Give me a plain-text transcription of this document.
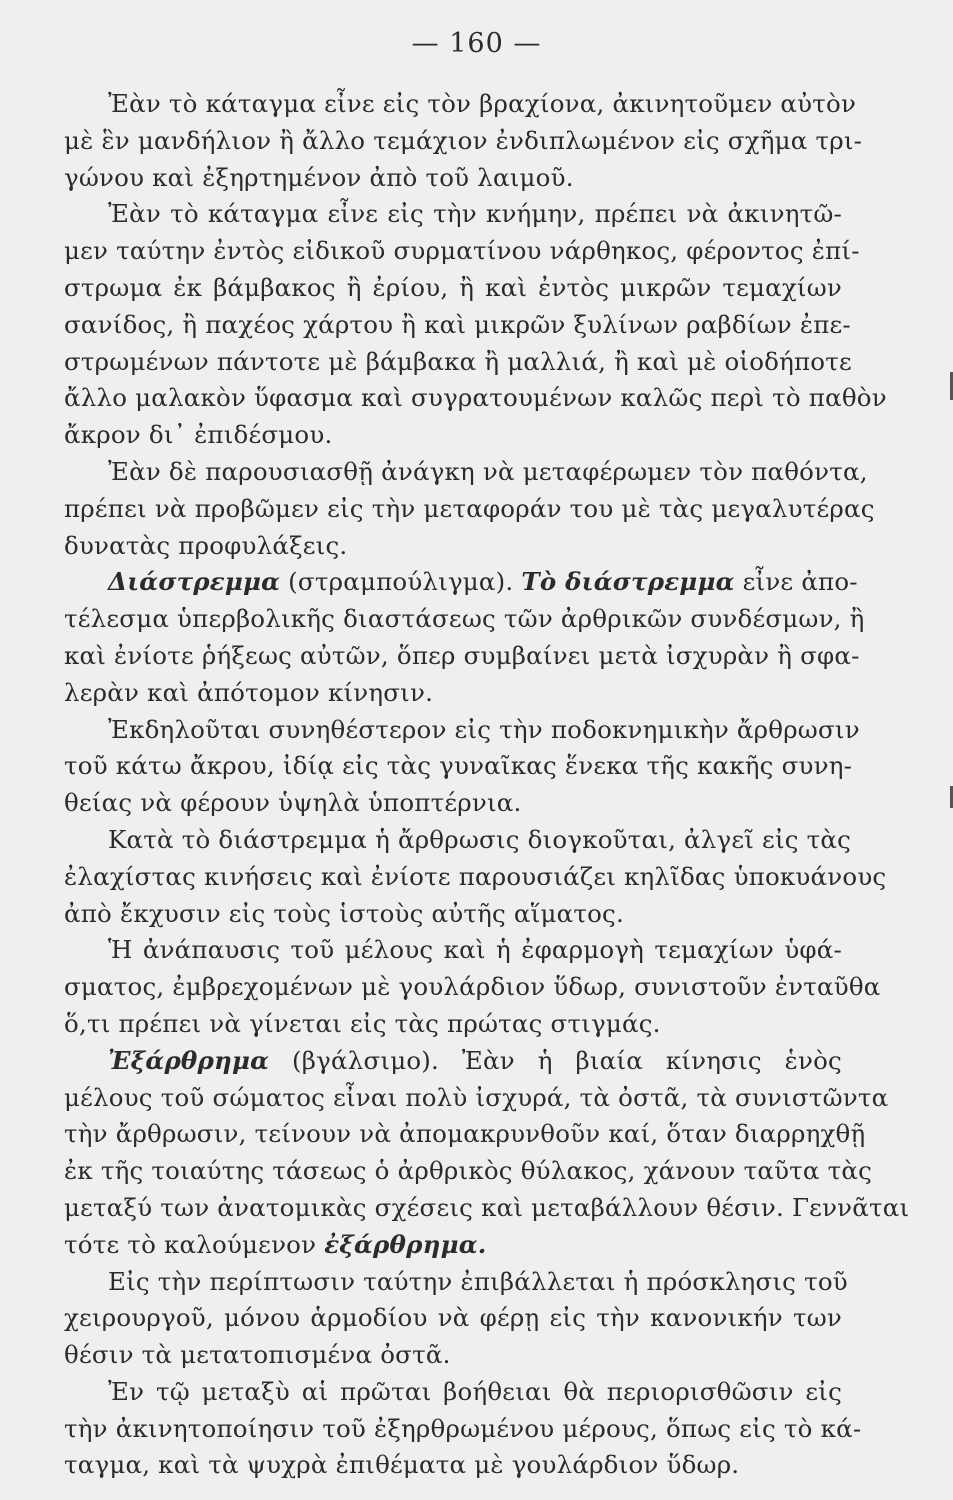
— 160 —
Ἐὰν τὸ κάταγμα εἶνε εἰς τὸν βραχίονα, ἀκινητοῦμεν αὐτὸν
μὲ ἓν μανδήλιον ἢ ἄλλο τεμάχιον ἐνδιπλωμένον εἰς σχῆμα τρι-
γώνου καὶ ἐξηρτημένον ἀπὸ τοῦ λαιμοῦ.
Ἐὰν τὸ κάταγμα εἶνε εἰς τὴν κνήμην, πρέπει νὰ ἀκινητῶ-
μεν ταύτην ἐντὸς εἰδικοῦ συρματίνου νάρθηκος, φέροντος ἐπί-
στρωμα ἐκ βάμβακος ἢ ἐρίου, ἢ καὶ ἐντὸς μικρῶν τεμαχίων
σανίδος, ἢ παχέος χάρτου ἢ καὶ μικρῶν ξυλίνων ραβδίων ἐπε-
στρωμένων πάντοτε μὲ βάμβακα ἢ μαλλιά, ἢ καὶ μὲ οἱοδήποτε
ἄλλο μαλακὸν ὕφασμα καὶ συγρατουμένων καλῶς περὶ τὸ παθὸν
ἄκρον δι᾽ ἐπιδέσμου.
Ἐὰν δὲ παρουσιασθῇ ἀνάγκη νὰ μεταφέρωμεν τὸν παθόντα,
πρέπει νὰ προβῶμεν εἰς τὴν μεταφοράν του μὲ τὰς μεγαλυτέρας
δυνατὰς προφυλάξεις.
Διάστρεμμα (στραμπούλιγμα). Τὸ διάστρεμμα εἶνε ἀπο-
τέλεσμα ὑπερβολικῆς διαστάσεως τῶν ἀρθρικῶν συνδέσμων, ἢ
καὶ ἐνίοτε ῥήξεως αὐτῶν, ὅπερ συμβαίνει μετὰ ἰσχυρὰν ἢ σφα-
λερὰν καὶ ἀπότομον κίνησιν.
Ἐκδηλοῦται συνηθέστερον εἰς τὴν ποδοκνημικὴν ἄρθρωσιν
τοῦ κάτω ἄκρου, ἰδίᾳ εἰς τὰς γυναῖκας ἕνεκα τῆς κακῆς συνη-
θείας νὰ φέρουν ὑψηλὰ ὑποπτέρνια.
Κατὰ τὸ διάστρεμμα ἡ ἄρθρωσις διογκοῦται, ἀλγεῖ εἰς τὰς
ἐλαχίστας κινήσεις καὶ ἐνίοτε παρουσιάζει κηλῖδας ὑποκυάνους
ἀπὸ ἔκχυσιν εἰς τοὺς ἱστοὺς αὐτῆς αἵματος.
Ἡ ἀνάπαυσις τοῦ μέλους καὶ ἡ ἐφαρμογὴ τεμαχίων ὑφά-
σματος, ἐμβρεχομένων μὲ γουλάρδιον ὕδωρ, συνιστοῦν ἐνταῦθα
ὅ,τι πρέπει νὰ γίνεται εἰς τὰς πρώτας στιγμάς.
Ἐξάρθρημα (βγάλσιμο). Ἐὰν ἡ βιαία κίνησις ἑνὸς
μέλους τοῦ σώματος εἶναι πολὺ ἰσχυρά, τὰ ὀστᾶ, τὰ συνιστῶντα
τὴν ἄρθρωσιν, τείνουν νὰ ἀπομακρυνθοῦν καί, ὅταν διαρρηχθῇ
ἐκ τῆς τοιαύτης τάσεως ὁ ἀρθρικὸς θύλακος, χάνουν ταῦτα τὰς
μεταξύ των ἀνατομικὰς σχέσεις καὶ μεταβάλλουν θέσιν. Γεννᾶται
τότε τὸ καλούμενον ἐξάρθρημα.
Εἰς τὴν περίπτωσιν ταύτην ἐπιβάλλεται ἡ πρόσκλησις τοῦ
χειρουργοῦ, μόνου ἁρμοδίου νὰ φέρῃ εἰς τὴν κανονικήν των
θέσιν τὰ μετατοπισμένα ὀστᾶ.
Ἐν τῷ μεταξὺ αἱ πρῶται βοήθειαι θὰ περιορισθῶσιν εἰς
τὴν ἀκινητοποίησιν τοῦ ἐξηρθρωμένου μέρους, ὅπως εἰς τὸ κά-
ταγμα, καὶ τὰ ψυχρὰ ἐπιθέματα μὲ γουλάρδιον ὕδωρ.
